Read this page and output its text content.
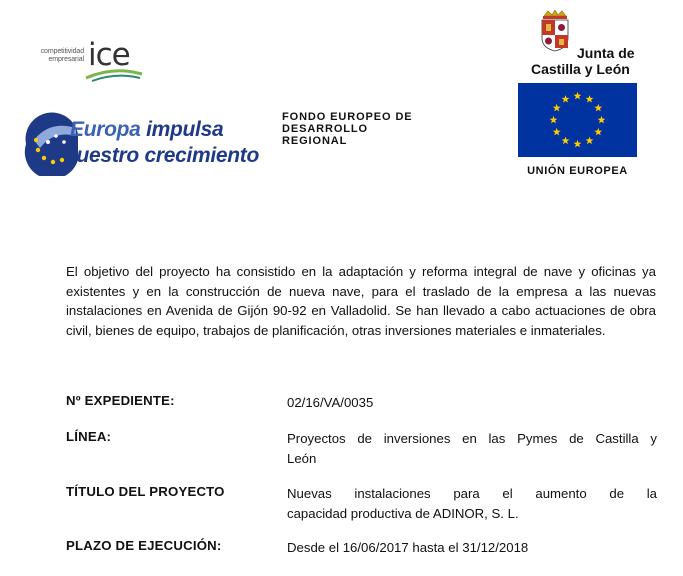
competitividad
empresarial ice
Europa impulsa
nuestro crecimiento
FONDO EUROPEO DE
DESARROLLO
REGIONAL
Junta de
Castilla y León
UNIÓN EUROPEA

El objetivo del proyecto ha consistido en la adaptación y reforma integral de nave y oficinas ya existentes y en la construcción de nueva nave, para el traslado de la empresa a las nuevas instalaciones en Avenida de Gijón 90-92 en Valladolid. Se han llevado a cabo actuaciones de obra civil, bienes de equipo, trabajos de planificación, otras inversiones materiales e inmateriales.

Nº EXPEDIENTE:	02/16/VA/0035
LÍNEA:	Proyectos de inversiones en las Pymes de Castilla y
León
TÍTULO DEL PROYECTO	Nuevas instalaciones para el aumento de la
capacidad productiva de ADINOR, S. L.
PLAZO DE EJECUCIÓN:	Desde el 16/06/2017 hasta el 31/12/2018
